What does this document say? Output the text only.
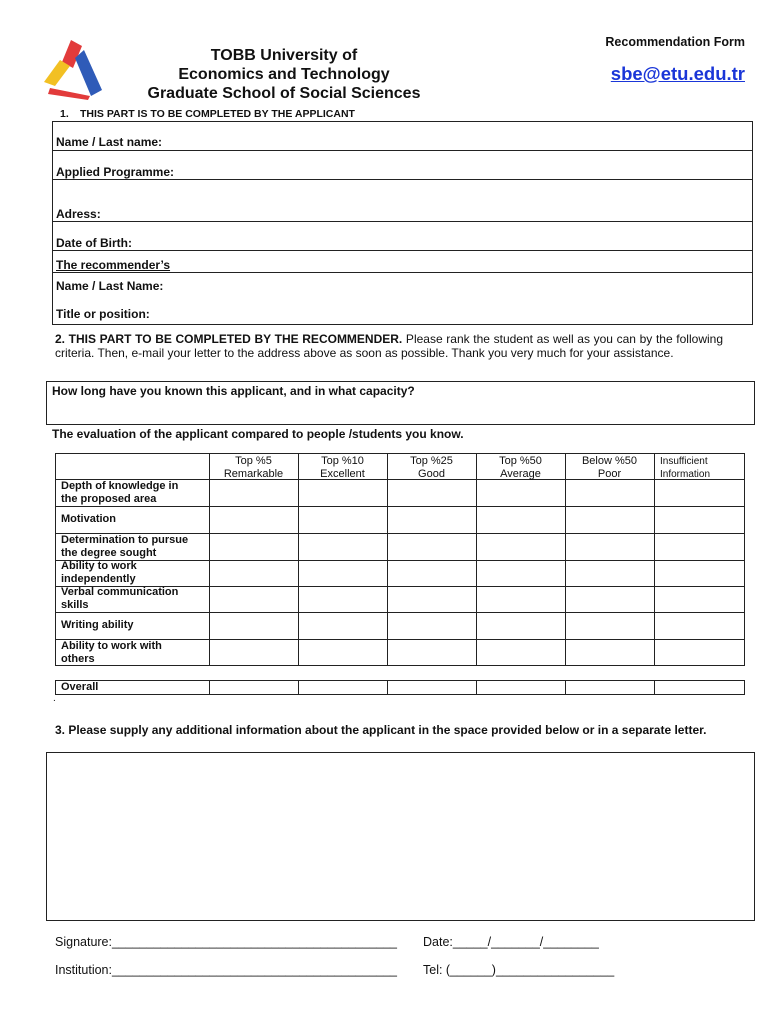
TOBB University of
Economics and Technology
Graduate School of Social Sciences
Recommendation Form
sbe@etu.edu.tr
1. THIS PART IS TO BE COMPLETED BY THE APPLICANT
Name / Last name:
Applied Programme:
Adress:
Date of Birth:
The recommender’s
Name / Last Name:
Title or position:
2. THIS PART TO BE COMPLETED BY THE RECOMMENDER. Please rank the student as well as you can by the following criteria. Then, e-mail your letter to the address above as soon as possible. Thank you very much for your assistance.
How long have you known this applicant, and in what capacity?
The evaluation of the applicant compared to people /students you know.
Top %5
Remarkable
Top %10
Excellent
Top %25
Good
Top %50
Average
Below %50
Poor
Insufficient
Information
Depth of knowledge in
the proposed area
Motivation
Determination to pursue
the degree sought
Ability to work
independently
Verbal communication
skills
Writing ability
Ability to work with
others
Overall
.
3. Please supply any additional information about the applicant in the space provided below or in a separate letter.
Signature:_________________________________________ Date:_____/_______/________
Institution:_________________________________________ Tel: (______)_________________
